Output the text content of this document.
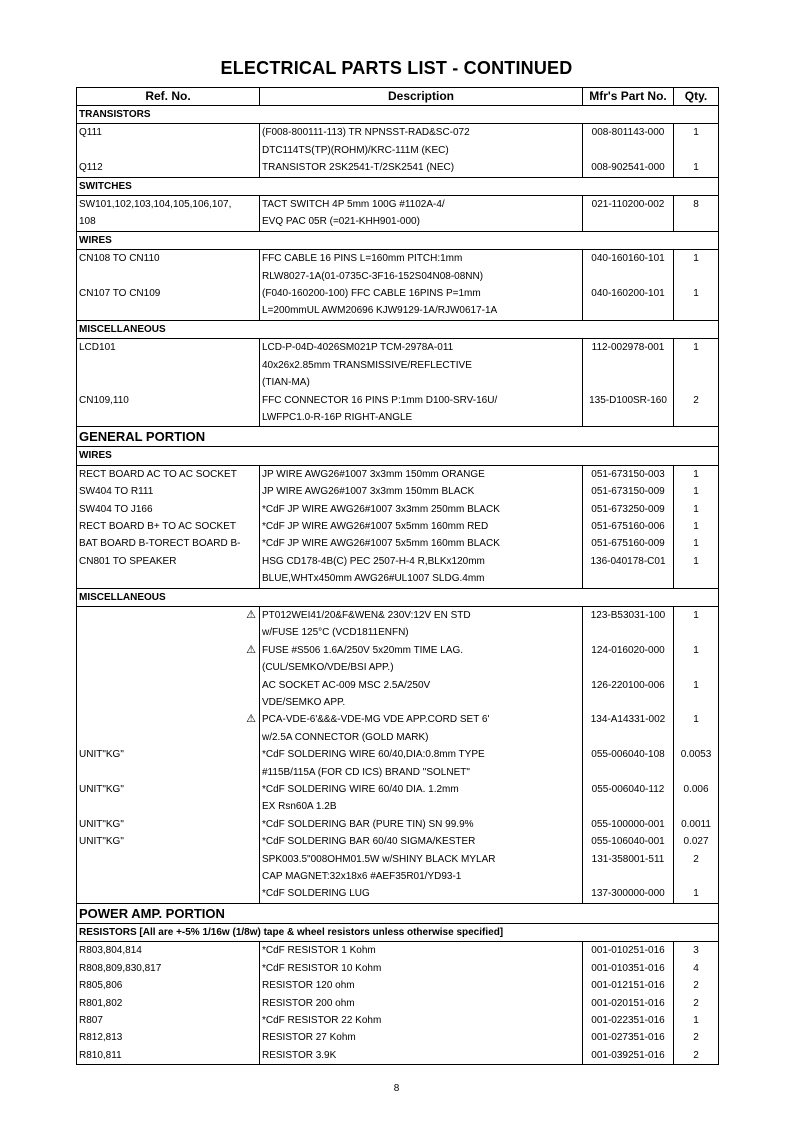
ELECTRICAL PARTS LIST - CONTINUED
Ref. No.	Description	Mfr's Part No.	Qty.
TRANSISTORS			
Q111	(F008-800111-113) TR NPNSST-RAD&SC-072	008-801143-000	1
	DTC114TS(TP)(ROHM)/KRC-111M (KEC)		
Q112	TRANSISTOR 2SK2541-T/2SK2541 (NEC)	008-902541-000	1
SWITCHES			
SW101,102,103,104,105,106,107,	TACT SWITCH 4P 5mm 100G #1102A-4/	021-110200-002	8
108	EVQ PAC 05R (=021-KHH901-000)		
WIRES			
CN108 TO CN110	FFC CABLE 16 PINS L=160mm PITCH:1mm	040-160160-101	1
	RLW8027-1A(01-0735C-3F16-152S04N08-08NN)		
CN107 TO CN109	(F040-160200-100) FFC CABLE 16PINS P=1mm	040-160200-101	1
	L=200mmUL AWM20696 KJW9129-1A/RJW0617-1A		
MISCELLANEOUS			
LCD101	LCD-P-04D-4026SM021P TCM-2978A-011	112-002978-001	1
	40x26x2.85mm TRANSMISSIVE/REFLECTIVE		
	(TIAN-MA)		
CN109,110	FFC CONNECTOR 16 PINS P:1mm D100-SRV-16U/	135-D100SR-160	2
	LWFPC1.0-R-16P RIGHT-ANGLE		
GENERAL PORTION			
WIRES			
RECT BOARD AC TO AC SOCKET	JP WIRE AWG26#1007 3x3mm 150mm ORANGE	051-673150-003	1
SW404 TO R111	JP WIRE AWG26#1007 3x3mm 150mm BLACK	051-673150-009	1
SW404 TO J166	*CdF JP WIRE AWG26#1007 3x3mm 250mm BLACK	051-673250-009	1
RECT BOARD B+ TO AC SOCKET	*CdF JP WIRE AWG26#1007 5x5mm 160mm RED	051-675160-006	1
BAT BOARD B-TORECT BOARD B-	*CdF JP WIRE AWG26#1007 5x5mm 160mm BLACK	051-675160-009	1
CN801 TO SPEAKER	HSG CD178-4B(C) PEC 2507-H-4 R,BLKx120mm	136-040178-C01	1
	BLUE,WHTx450mm AWG26#UL1007 SLDG.4mm		
MISCELLANEOUS			

⚠	PT012WEI41/20&F&WEN& 230V:12V EN STD	123-B53031-100	1
	w/FUSE 125°C (VCD1811ENFN)		

⚠	FUSE #S506 1.6A/250V 5x20mm TIME LAG.	124-016020-000	1
	(CUL/SEMKO/VDE/BSI APP.)		
	AC SOCKET AC-009 MSC 2.5A/250V	126-220100-006	1
	VDE/SEMKO APP.		

⚠	PCA-VDE-6'&&&-VDE-MG VDE APP.CORD SET 6'	134-A14331-002	1
	w/2.5A CONNECTOR (GOLD MARK)		
UNIT"KG"	*CdF SOLDERING WIRE 60/40,DIA:0.8mm TYPE	055-006040-108	0.0053
	#115B/115A (FOR CD ICS) BRAND "SOLNET"		
UNIT"KG"	*CdF SOLDERING WIRE 60/40 DIA. 1.2mm	055-006040-112	0.006
	EX Rsn60A 1.2B		
UNIT"KG"	*CdF SOLDERING BAR (PURE TIN) SN 99.9%	055-100000-001	0.0011
UNIT"KG"	*CdF SOLDERING BAR 60/40 SIGMA/KESTER	055-106040-001	0.027
	SPK003.5"008OHM01.5W w/SHINY BLACK MYLAR	131-358001-511	2
	CAP MAGNET:32x18x6 #AEF35R01/YD93-1		
	*CdF SOLDERING LUG	137-300000-000	1
POWER AMP. PORTION			
RESISTORS [All are +-5% 1/16w (1/8w) tape & wheel resistors unless otherwise specified]			
R803,804,814	*CdF RESISTOR 1 Kohm	001-010251-016	3
R808,809,830,817	*CdF RESISTOR 10 Kohm	001-010351-016	4
R805,806	RESISTOR 120 ohm	001-012151-016	2
R801,802	RESISTOR 200 ohm	001-020151-016	2
R807	*CdF RESISTOR 22 Kohm	001-022351-016	1
R812,813	RESISTOR 27 Kohm	001-027351-016	2
R810,811	RESISTOR 3.9K	001-039251-016	2
8
